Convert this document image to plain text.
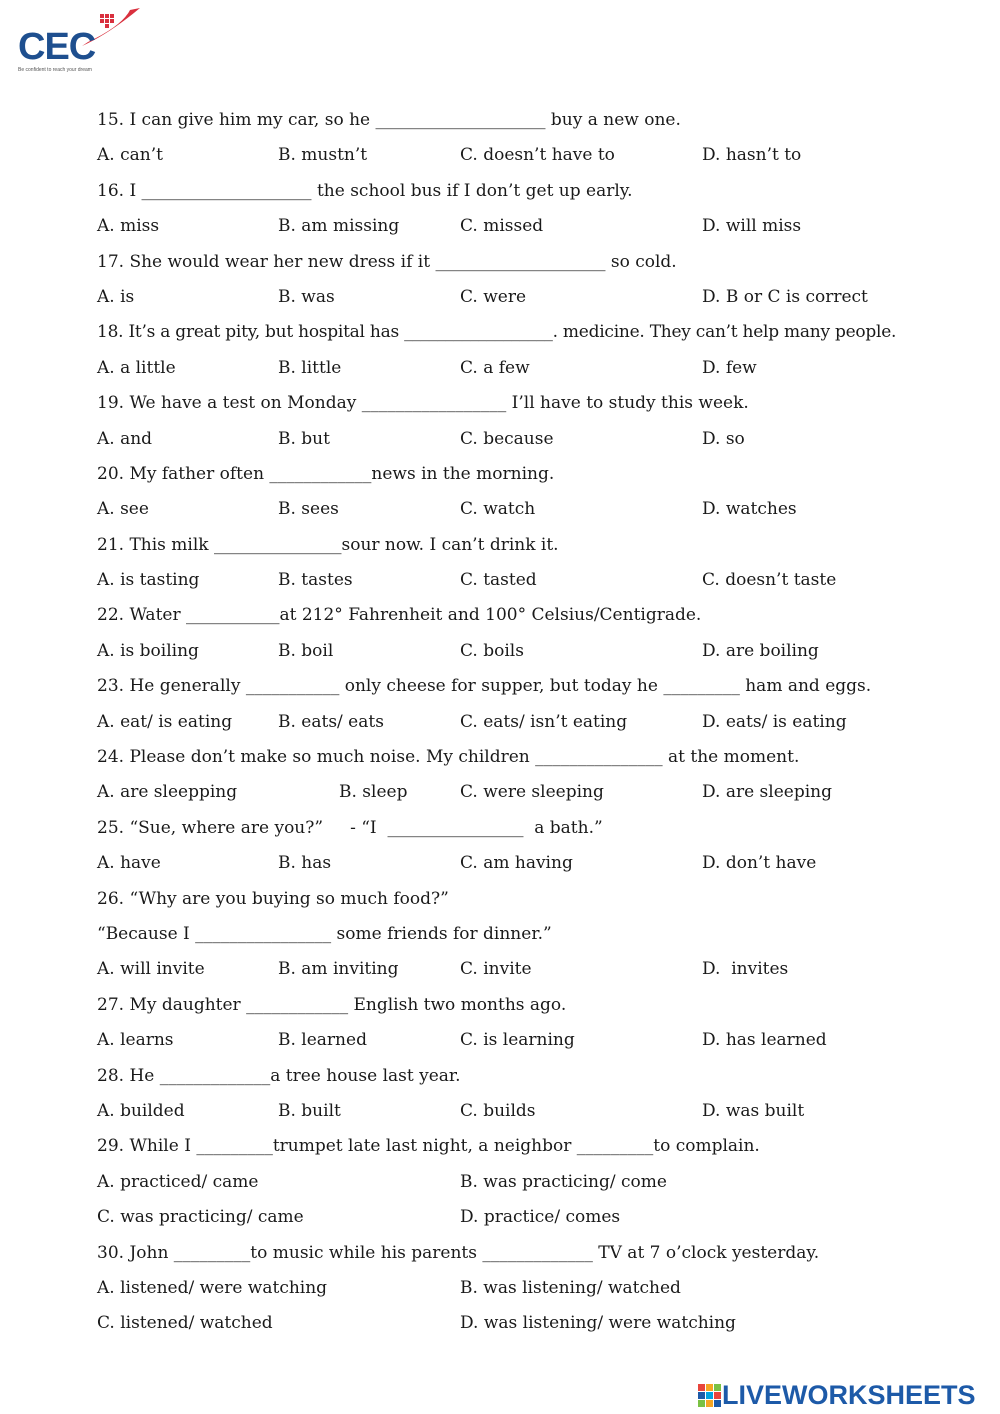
CEC
Be confident to reach your dream
15. I can give him my car, so he ____________________ buy a new one.
A. can’t	B. mustn’t	C. doesn’t have to	D. hasn’t to
16. I ____________________ the school bus if I don’t get up early.
A. miss	B. am missing	C. missed	D. will miss
17. She would wear her new dress if it ____________________ so cold.
A. is	B. was	C. were	D. B or C is correct
18. It’s a great pity, but hospital has __________________. medicine. They can’t help many people.
A. a little	B. little	C. a few	D. few
19. We have a test on Monday _________________ I’ll have to study this week.
A. and	B. but	C. because	D. so
20. My father often ____________news in the morning.
A. see	B. sees	C. watch	D. watches
21. This milk _______________sour now. I can’t drink it.
A. is tasting	B. tastes	C. tasted	C. doesn’t taste
22. Water ___________at 212° Fahrenheit and 100° Celsius/Centigrade.
A. is boiling	B. boil	C. boils	D. are boiling
23. He generally ___________ only cheese for supper, but today he _________ ham and eggs.
A. eat/ is eating	B. eats/ eats	C. eats/ isn’t eating	D. eats/ is eating
24. Please don’t make so much noise. My children _______________ at the moment.
A. are sleepping	B. sleep	C. were sleeping	D. are sleeping
25. “Sue, where are you?”     - “I  ________________  a bath.”
A. have	B. has	C. am having	D. don’t have
26. “Why are you buying so much food?”
“Because I ________________ some friends for dinner.”
A. will invite	B. am inviting	C. invite	D.  invites
27. My daughter ____________ English two months ago.
A. learns	B. learned	C. is learning	D. has learned
28. He _____________a tree house last year.
A. builded	B. built	C. builds	D. was built
29. While I _________trumpet late last night, a neighbor _________to complain.
A. practiced/ came	B. was practicing/ come
C. was practicing/ came	D. practice/ comes
30. John _________to music while his parents _____________ TV at 7 o’clock yesterday.
A. listened/ were watching	B. was listening/ watched
C. listened/ watched	D. was listening/ were watching
LIVEWORKSHEETS
